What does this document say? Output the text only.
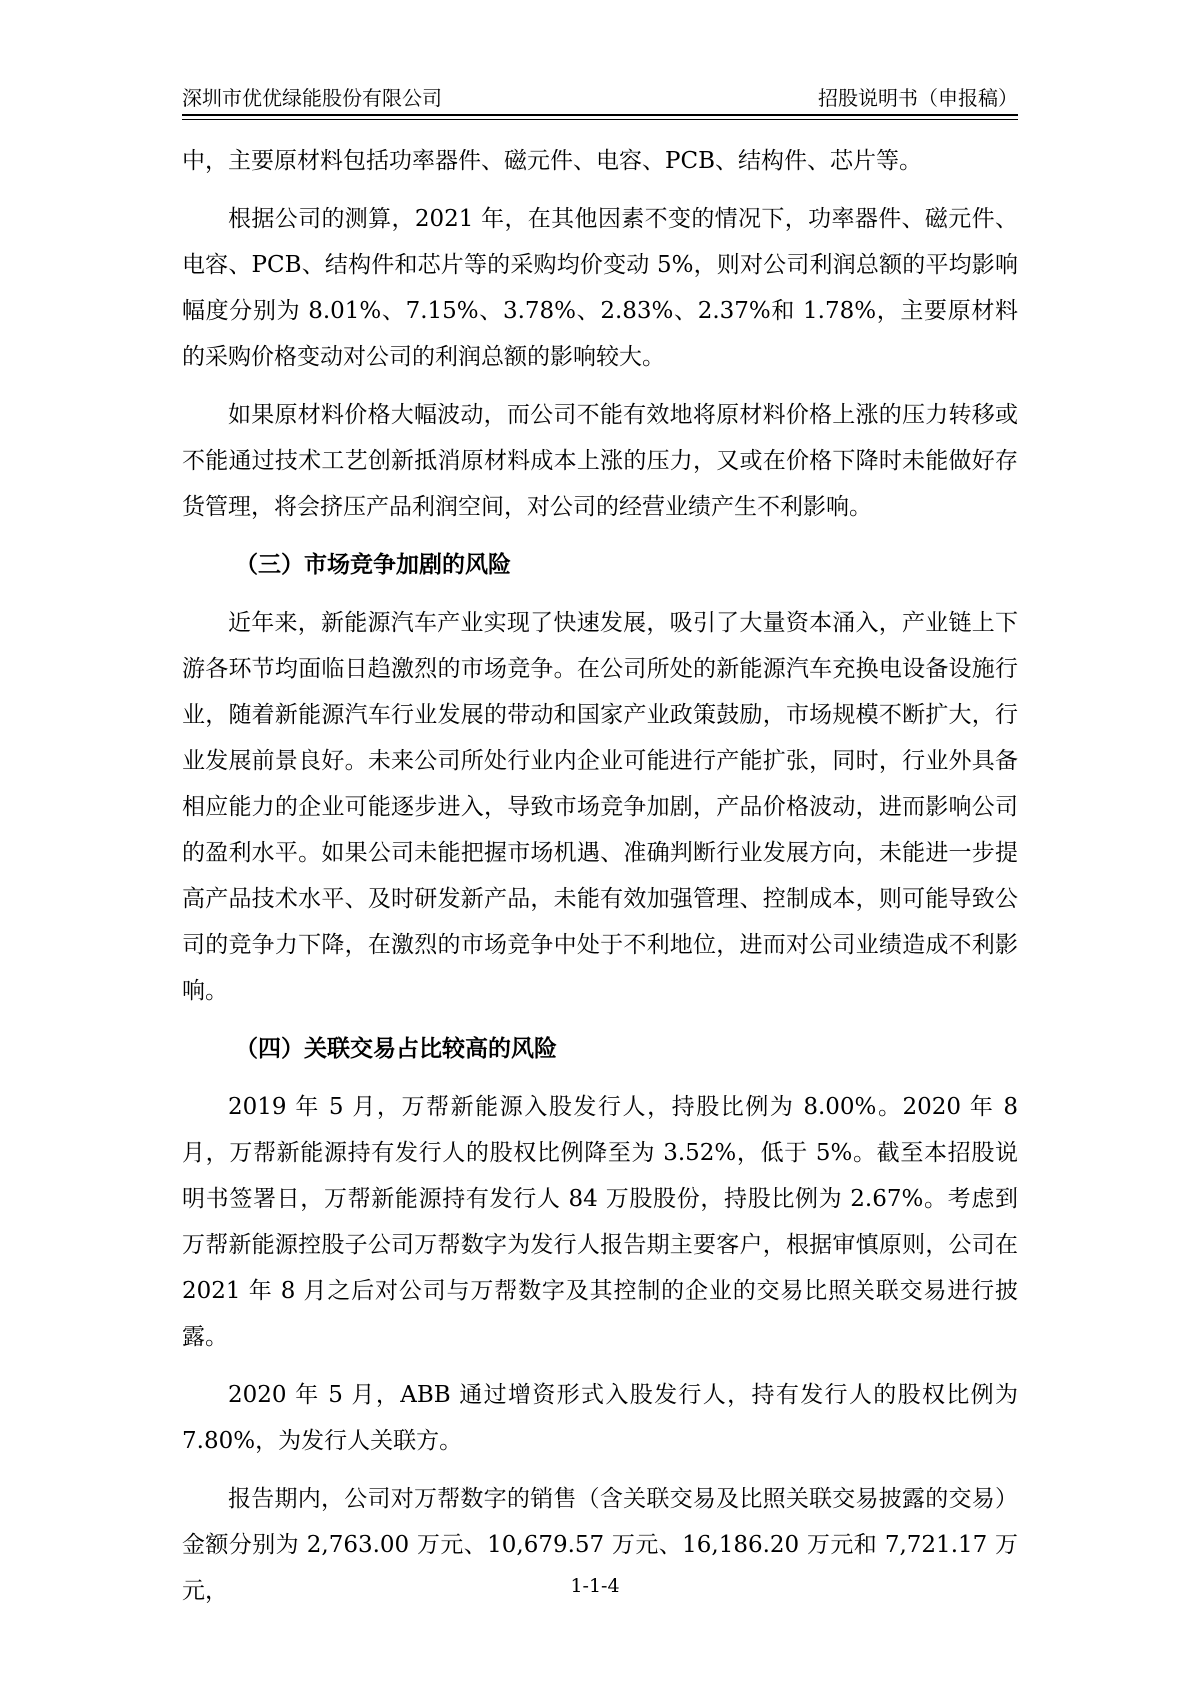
深圳市优优绿能股份有限公司	招股说明书（申报稿）

中，主要原材料包括功率器件、磁元件、电容、PCB、结构件、芯片等。

根据公司的测算，2021 年，在其他因素不变的情况下，功率器件、磁元件、电容、PCB、结构件和芯片等的采购均价变动 5%，则对公司利润总额的平均影响幅度分别为 8.01%、7.15%、3.78%、2.83%、2.37%和 1.78%，主要原材料的采购价格变动对公司的利润总额的影响较大。

如果原材料价格大幅波动，而公司不能有效地将原材料价格上涨的压力转移或不能通过技术工艺创新抵消原材料成本上涨的压力，又或在价格下降时未能做好存货管理，将会挤压产品利润空间，对公司的经营业绩产生不利影响。

（三）市场竞争加剧的风险

近年来，新能源汽车产业实现了快速发展，吸引了大量资本涌入，产业链上下游各环节均面临日趋激烈的市场竞争。在公司所处的新能源汽车充换电设备设施行业，随着新能源汽车行业发展的带动和国家产业政策鼓励，市场规模不断扩大，行业发展前景良好。未来公司所处行业内企业可能进行产能扩张，同时，行业外具备相应能力的企业可能逐步进入，导致市场竞争加剧，产品价格波动，进而影响公司的盈利水平。如果公司未能把握市场机遇、准确判断行业发展方向，未能进一步提高产品技术水平、及时研发新产品，未能有效加强管理、控制成本，则可能导致公司的竞争力下降，在激烈的市场竞争中处于不利地位，进而对公司业绩造成不利影响。

（四）关联交易占比较高的风险

2019 年 5 月，万帮新能源入股发行人，持股比例为 8.00%。2020 年 8 月，万帮新能源持有发行人的股权比例降至为 3.52%，低于 5%。截至本招股说明书签署日，万帮新能源持有发行人 84 万股股份，持股比例为 2.67%。考虑到万帮新能源控股子公司万帮数字为发行人报告期主要客户，根据审慎原则，公司在 2021 年 8 月之后对公司与万帮数字及其控制的企业的交易比照关联交易进行披露。

2020 年 5 月，ABB 通过增资形式入股发行人，持有发行人的股权比例为 7.80%，为发行人关联方。

报告期内，公司对万帮数字的销售（含关联交易及比照关联交易披露的交易）金额分别为 2,763.00 万元、10,679.57 万元、16,186.20 万元和 7,721.17 万元，	1-1-4
